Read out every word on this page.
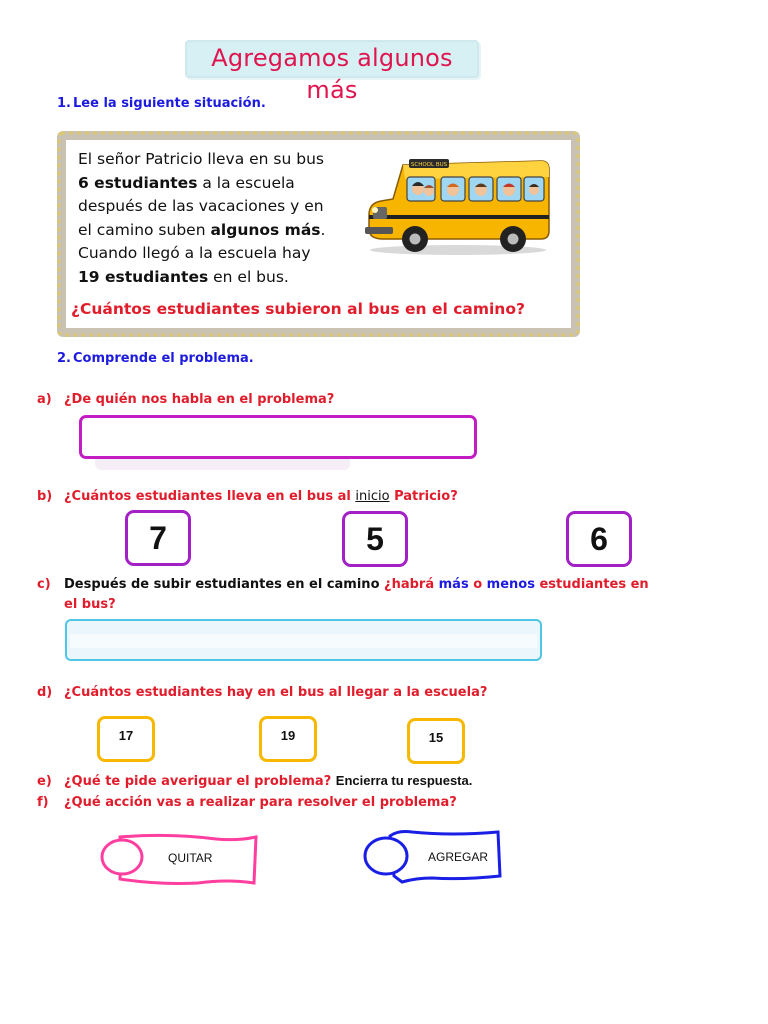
Agregamos algunos más
1. Lee la siguiente situación.
El señor Patricio lleva en su bus
6 estudiantes a la escuela
después de las vacaciones y en
el camino suben algunos más.
Cuando llegó a la escuela hay
19 estudiantes en el bus.
SCHOOL BUS
¿Cuántos estudiantes subieron al bus en el camino?
2. Comprende el problema.
a) ¿De quién nos habla en el problema?
b) ¿Cuántos estudiantes lleva en el bus al inicio Patricio?
7	5	6
c) Después de subir estudiantes en el camino ¿habrá más o menos estudiantes en
el bus?
d) ¿Cuántos estudiantes hay en el bus al llegar a la escuela?
17	19	15
e) ¿Qué te pide averiguar el problema? Encierra tu respuesta.
f) ¿Qué acción vas a realizar para resolver el problema?
QUITAR	AGREGAR
